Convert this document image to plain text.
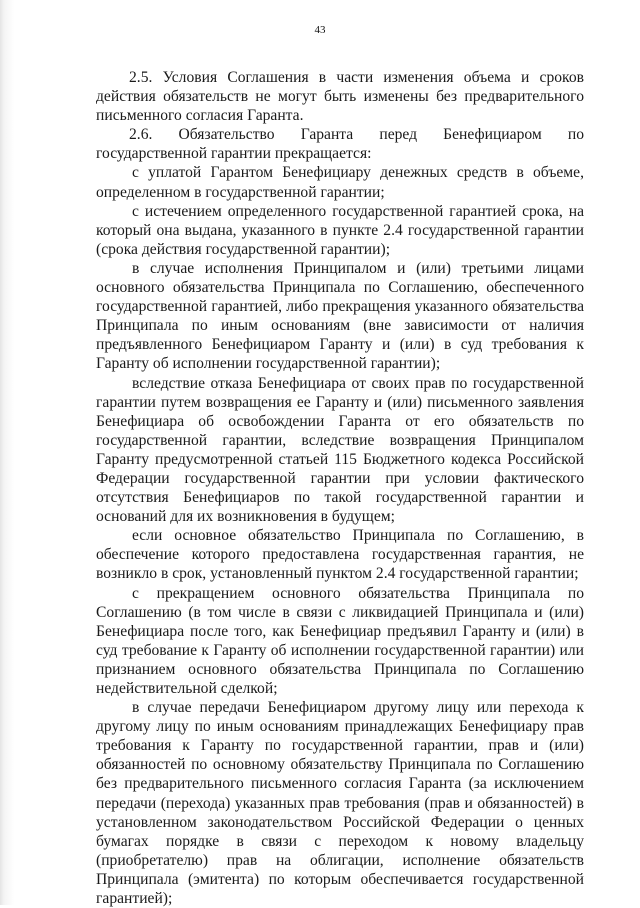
43

2.5. Условия Соглашения в части изменения объема и сроков действия обязательств не могут быть изменены без предварительного письменного согласия Гаранта.

2.6. Обязательство Гаранта перед Бенефициаром по государственной гарантии прекращается:

с уплатой Гарантом Бенефициару денежных средств в объеме, определенном в государственной гарантии;

с истечением определенного государственной гарантией срока, на который она выдана, указанного в пункте 2.4 государственной гарантии (срока действия государственной гарантии);

в случае исполнения Принципалом и (или) третьими лицами основного обязательства Принципала по Соглашению, обеспеченного государственной гарантией, либо прекращения указанного обязательства Принципала по иным основаниям (вне зависимости от наличия предъявленного Бенефициаром Гаранту и (или) в суд требования к Гаранту об исполнении государственной гарантии);

вследствие отказа Бенефициара от своих прав по государственной гарантии путем возвращения ее Гаранту и (или) письменного заявления Бенефициара об освобождении Гаранта от его обязательств по государственной гарантии, вследствие возвращения Принципалом Гаранту предусмотренной статьей 115 Бюджетного кодекса Российской Федерации государственной гарантии при условии фактического отсутствия Бенефициаров по такой государственной гарантии и оснований для их возникновения в будущем;

если основное обязательство Принципала по Соглашению, в обеспечение которого предоставлена государственная гарантия, не возникло в срок, установленный пунктом 2.4 государственной гарантии;

с прекращением основного обязательства Принципала по Соглашению (в том числе в связи с ликвидацией Принципала и (или) Бенефициара после того, как Бенефициар предъявил Гаранту и (или) в суд требование к Гаранту об исполнении государственной гарантии) или признанием основного обязательства Принципала по Соглашению недействительной сделкой;

в случае передачи Бенефициаром другому лицу или перехода к другому лицу по иным основаниям принадлежащих Бенефициару прав требования к Гаранту по государственной гарантии, прав и (или) обязанностей по основному обязательству Принципала по Соглашению без предварительного письменного согласия Гаранта (за исключением передачи (перехода) указанных прав требования (прав и обязанностей) в установленном законодательством Российской Федерации о ценных бумагах порядке в связи с переходом к новому владельцу (приобретателю) прав на облигации, исполнение обязательств Принципала (эмитента) по которым обеспечивается государственной гарантией);
